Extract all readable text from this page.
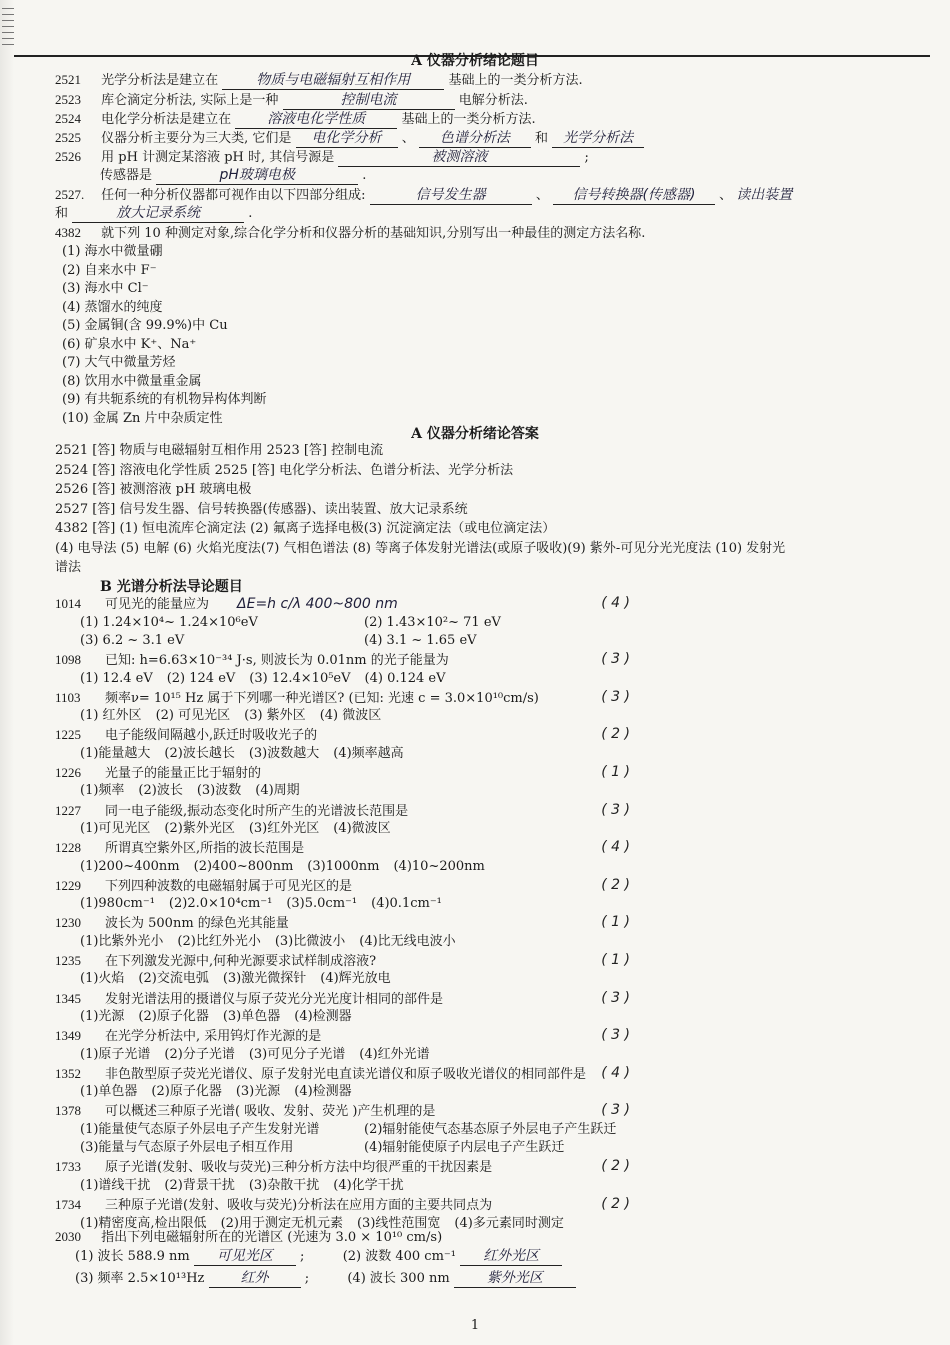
A 仪器分析绪论题目
2521 光学分析法是建立在	物质与电磁辐射互相作用	基础上的一类分析方法.
2523 库仑滴定分析法, 实际上是一种	控制电流	电解分析法.
2524 电化学分析法是建立在	溶液电化学性质	基础上的一类分析方法.
2525 仪器分析主要分为三大类, 它们是 电化学分析 、 色谱分析法 和 光学分析法
2526 用 pH 计测定某溶液 pH 时, 其信号源是	被测溶液	;
传感器是	pH玻璃电极	.
2527. 任何一种分析仪器都可视作由以下四部分组成:	信号发生器	、 信号转换器(传感器) 、 读出装置
和	放大记录系统	.
4382 就下列 10 种测定对象,综合化学分析和仪器分析的基础知识,分别写出一种最佳的测定方法名称.
A 仪器分析绪论答案
B 光谱分析法导论题目
2030 指出下列电磁辐射所在的光谱区 (光速为 3.0 × 10¹⁰ cm/s)
(1) 波长 588.9 nm 可见光区 ;	(2) 波数 400 cm⁻¹ 红外光区
(3) 频率 2.5×10¹³Hz	红外	;	(4) 波长 300 nm	紫外光区
1
(1) 海水中微量硼
(2) 自来水中 F⁻
(3) 海水中 Cl⁻
(4) 蒸馏水的纯度
(5) 金属铜(含 99.9%)中 Cu
(6) 矿泉水中 K⁺、Na⁺
(7) 大气中微量芳烃
(8) 饮用水中微量重金属
(9) 有共轭系统的有机物异构体判断
(10) 金属 Zn 片中杂质定性
2521 [答] 物质与电磁辐射互相作用 2523 [答] 控制电流
2524 [答] 溶液电化学性质 2525 [答] 电化学分析法、色谱分析法、光学分析法
2526 [答] 被测溶液 pH 玻璃电极
2527 [答] 信号发生器、信号转换器(传感器)、读出装置、放大记录系统
4382 [答] (1) 恒电流库仑滴定法 (2) 氟离子选择电极(3) 沉淀滴定法（或电位滴定法）
(4) 电导法 (5) 电解 (6) 火焰光度法(7) 气相色谱法 (8) 等离子体发射光谱法(或原子吸收)(9) 紫外-可见分光光度法 (10) 发射光
谱法
1014 可见光的能量应为 ΔE=h c/λ 400~800 nm	( 4 )
(1) 1.24×10⁴~ 1.24×10⁶eV	(2) 1.43×10²~ 71 eV
(3) 6.2 ~ 3.1 eV	(4) 3.1 ~ 1.65 eV
1098 已知: h=6.63×10⁻³⁴ J·s, 则波长为 0.01nm 的光子能量为	( 3 )
(1) 12.4 eV (2) 124 eV (3) 12.4×10⁵eV (4) 0.124 eV
1103 频率ν= 10¹⁵ Hz 属于下列哪一种光谱区? (已知: 光速 c = 3.0×10¹⁰cm/s)	( 3 )
(1) 红外区 (2) 可见光区 (3) 紫外区 (4) 微波区
1225 电子能级间隔越小,跃迁时吸收光子的	( 2 )
(1)能量越大 (2)波长越长 (3)波数越大 (4)频率越高
1226 光量子的能量正比于辐射的	( 1 )
(1)频率 (2)波长 (3)波数 (4)周期
1227 同一电子能级,振动态变化时所产生的光谱波长范围是	( 3 )
(1)可见光区 (2)紫外光区 (3)红外光区 (4)微波区
1228 所谓真空紫外区,所指的波长范围是	( 4 )
(1)200~400nm (2)400~800nm (3)1000nm (4)10~200nm
1229 下列四种波数的电磁辐射属于可见光区的是	( 2 )
(1)980cm⁻¹ (2)2.0×10⁴cm⁻¹ (3)5.0cm⁻¹ (4)0.1cm⁻¹
1230 波长为 500nm 的绿色光其能量	( 1 )
(1)比紫外光小 (2)比红外光小 (3)比微波小 (4)比无线电波小
1235 在下列激发光源中,何种光源要求试样制成溶液?	( 1 )
(1)火焰 (2)交流电弧 (3)激光微探针 (4)辉光放电
1345 发射光谱法用的摄谱仪与原子荧光分光光度计相同的部件是	( 3 )
(1)光源 (2)原子化器 (3)单色器 (4)检测器
1349 在光学分析法中, 采用钨灯作光源的是	( 3 )
(1)原子光谱 (2)分子光谱 (3)可见分子光谱 (4)红外光谱
1352 非色散型原子荧光光谱仪、原子发射光电直读光谱仪和原子吸收光谱仪的相同部件是 ( 4 )
(1)单色器 (2)原子化器 (3)光源 (4)检测器
1378 可以概述三种原子光谱( 吸收、发射、荧光 )产生机理的是	( 3 )
(1)能量使气态原子外层电子产生发射光谱	(2)辐射能使气态基态原子外层电子产生跃迁
(3)能量与气态原子外层电子相互作用	(4)辐射能使原子内层电子产生跃迁
1733 原子光谱(发射、吸收与荧光)三种分析方法中均很严重的干扰因素是	( 2 )
(1)谱线干扰 (2)背景干扰 (3)杂散干扰 (4)化学干扰
1734 三种原子光谱(发射、吸收与荧光)分析法在应用方面的主要共同点为	( 2 )
(1)精密度高,检出限低 (2)用于测定无机元素 (3)线性范围宽 (4)多元素同时测定
